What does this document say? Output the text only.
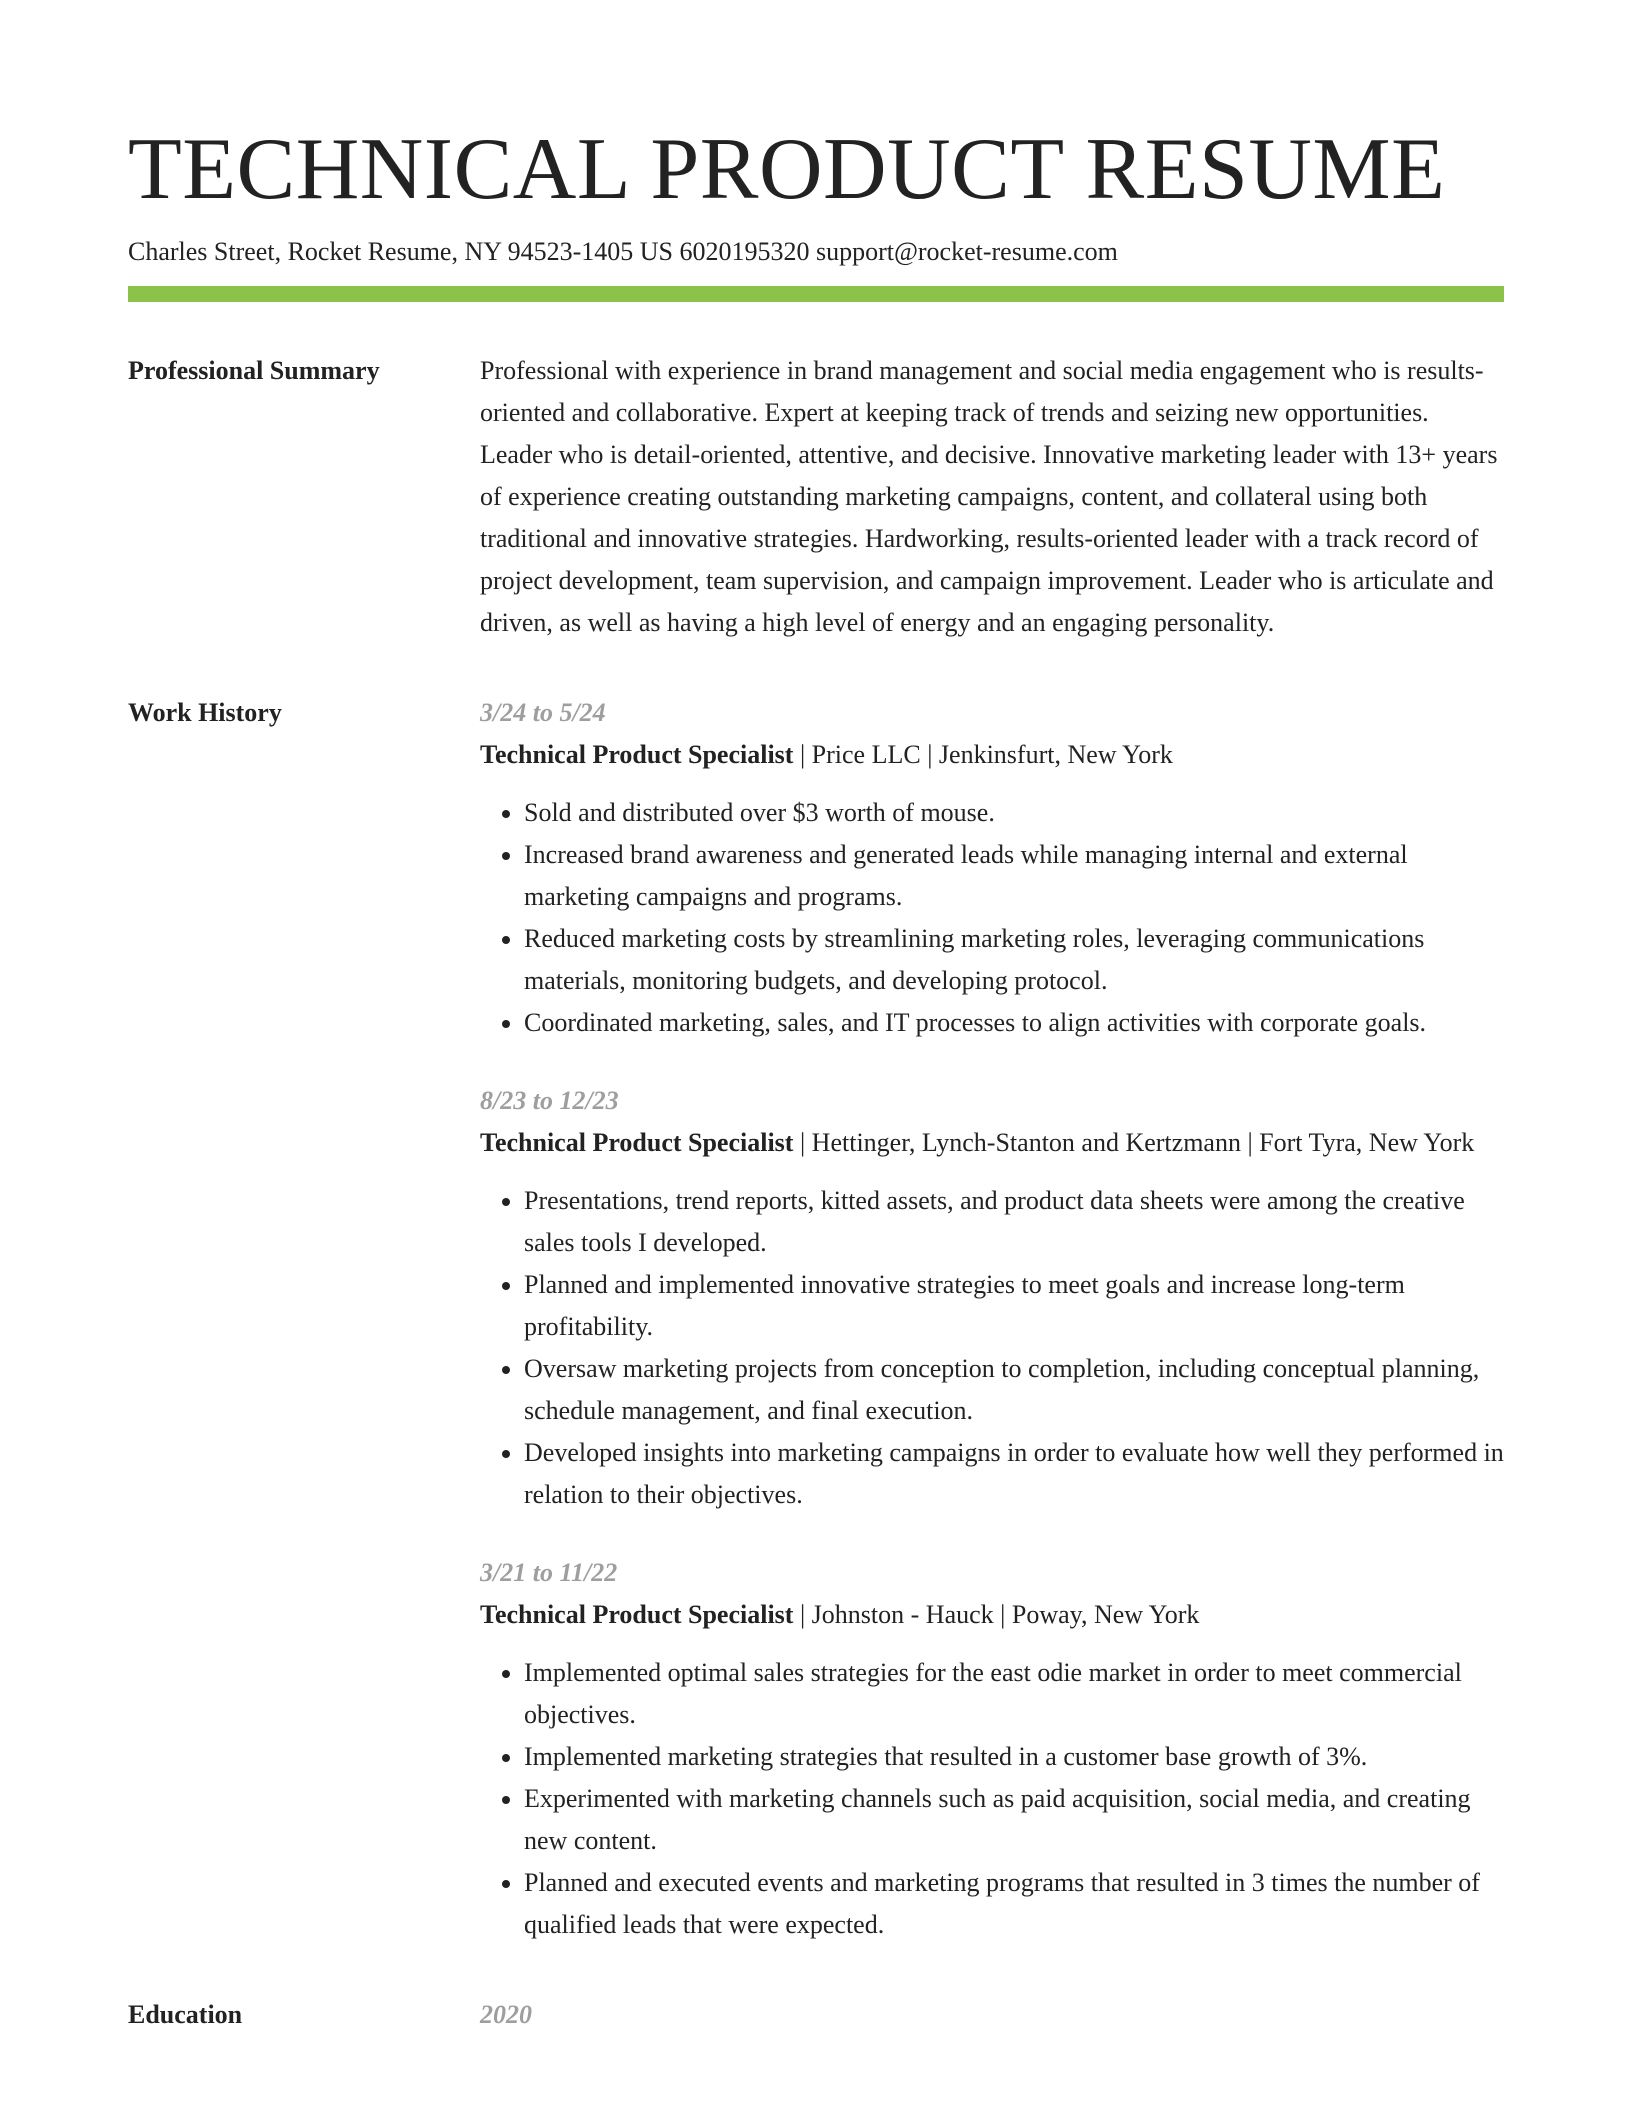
TECHNICAL PRODUCT RESUME
Charles Street, Rocket Resume, NY 94523-1405 US 6020195320 support@rocket-resume.com
Professional Summary	Professional with experience in brand management and social media engagement who is results-oriented and collaborative. Expert at keeping track of trends and seizing new opportunities. Leader who is detail-oriented, attentive, and decisive. Innovative marketing leader with 13+ years of experience creating outstanding marketing campaigns, content, and collateral using both traditional and innovative strategies. Hardworking, results-oriented leader with a track record of project development, team supervision, and campaign improvement. Leader who is articulate and driven, as well as having a high level of energy and an engaging personality.

Work History	3/24 to 5/24
Technical Product Specialist | Price LLC | Jenkinsfurt, New York
• Sold and distributed over $3 worth of mouse.
• Increased brand awareness and generated leads while managing internal and external marketing campaigns and programs.
• Reduced marketing costs by streamlining marketing roles, leveraging communications materials, monitoring budgets, and developing protocol.
• Coordinated marketing, sales, and IT processes to align activities with corporate goals.
8/23 to 12/23
Technical Product Specialist | Hettinger, Lynch-Stanton and Kertzmann | Fort Tyra, New York
• Presentations, trend reports, kitted assets, and product data sheets were among the creative sales tools I developed.
• Planned and implemented innovative strategies to meet goals and increase long-term profitability.
• Oversaw marketing projects from conception to completion, including conceptual planning, schedule management, and final execution.
• Developed insights into marketing campaigns in order to evaluate how well they performed in relation to their objectives.
3/21 to 11/22
Technical Product Specialist | Johnston - Hauck | Poway, New York
• Implemented optimal sales strategies for the east odie market in order to meet commercial objectives.
• Implemented marketing strategies that resulted in a customer base growth of 3%.
• Experimented with marketing channels such as paid acquisition, social media, and creating new content.
• Planned and executed events and marketing programs that resulted in 3 times the number of qualified leads that were expected.
Education	2020
